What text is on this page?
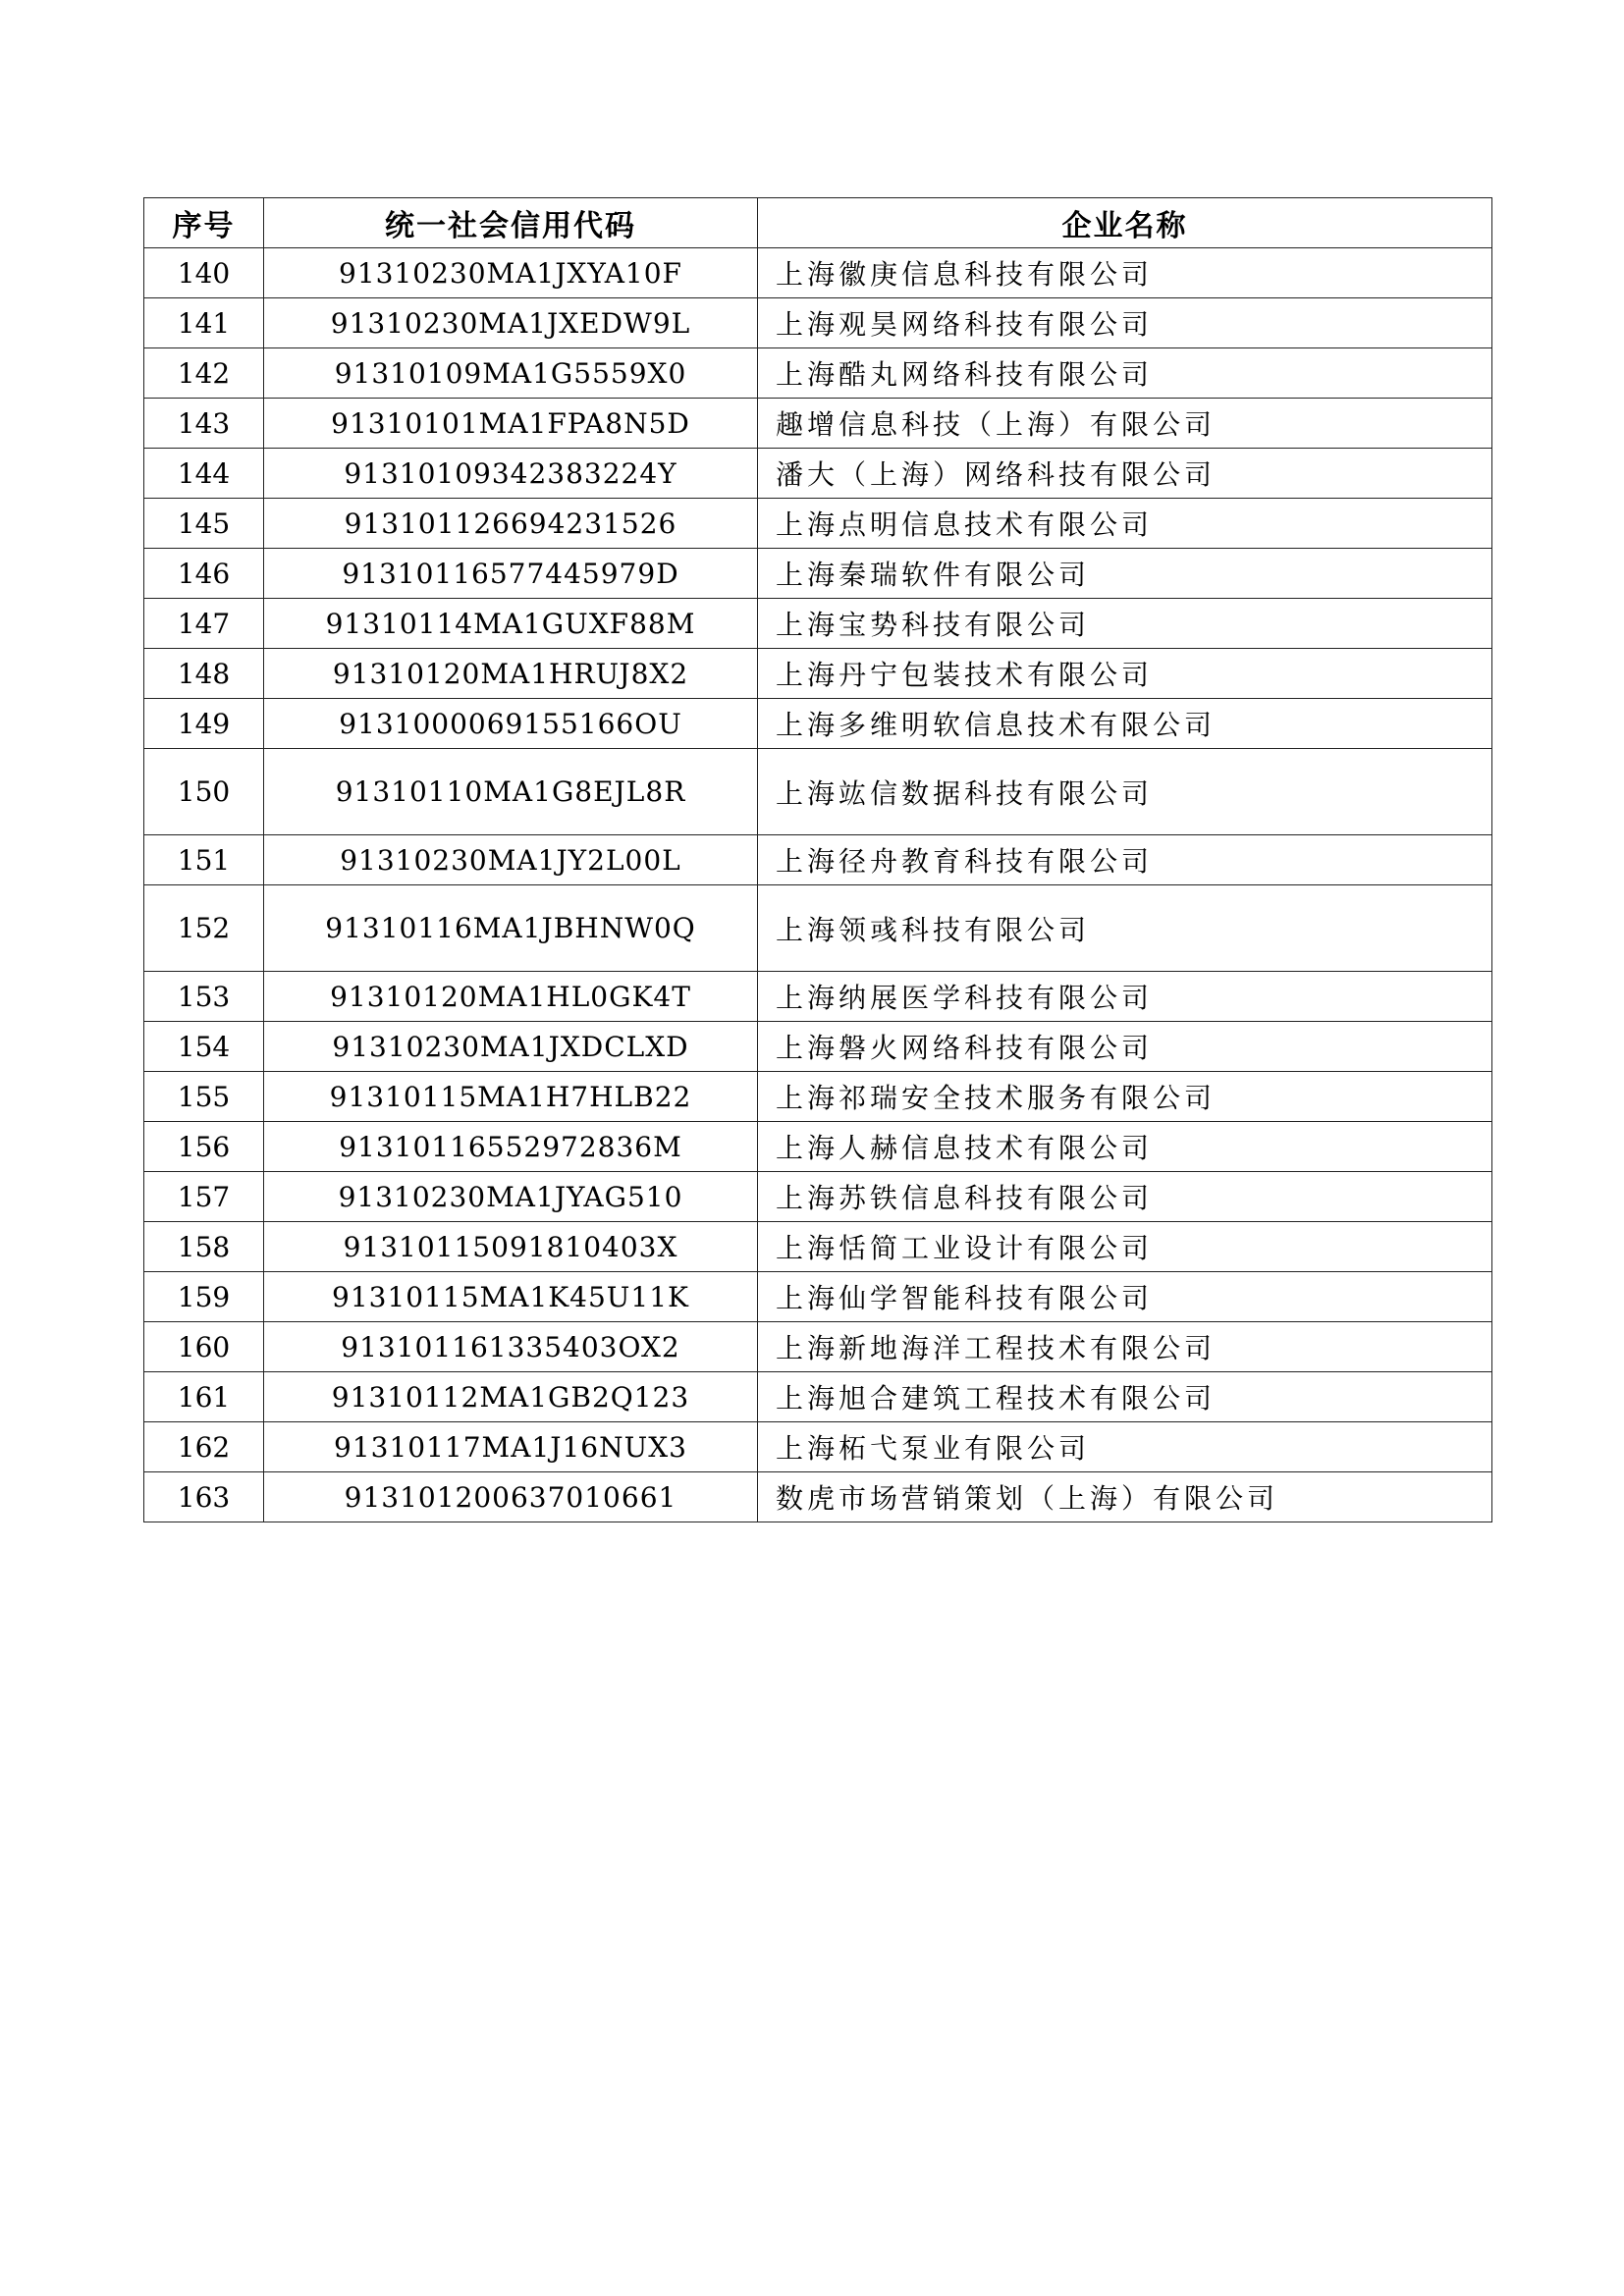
序号	统一社会信用代码	企业名称
140	91310230MA1JXYA10F	上海徽庚信息科技有限公司
141	91310230MA1JXEDW9L	上海观昊网络科技有限公司
142	91310109MA1G5559X0	上海酷丸网络科技有限公司
143	91310101MA1FPA8N5D	趣增信息科技（上海）有限公司
144	91310109342383224Y	潘大（上海）网络科技有限公司
145	913101126694231526	上海点明信息技术有限公司
146	91310116577445979D	上海秦瑞软件有限公司
147	91310114MA1GUXF88M	上海宝势科技有限公司
148	91310120MA1HRUJ8X2	上海丹宁包装技术有限公司
149	9131000069155166OU	上海多维明软信息技术有限公司
150	91310110MA1G8EJL8R	上海竑信数据科技有限公司
151	91310230MA1JY2L00L	上海径舟教育科技有限公司
152	91310116MA1JBHNW0Q	上海领彧科技有限公司
153	91310120MA1HL0GK4T	上海纳展医学科技有限公司
154	91310230MA1JXDCLXD	上海磐火网络科技有限公司
155	91310115MA1H7HLB22	上海祁瑞安全技术服务有限公司
156	91310116552972836M	上海人赫信息技术有限公司
157	91310230MA1JYAG510	上海苏铁信息科技有限公司
158	91310115091810403X	上海恬简工业设计有限公司
159	91310115MA1K45U11K	上海仙学智能科技有限公司
160	913101161335403OX2	上海新地海洋工程技术有限公司
161	91310112MA1GB2Q123	上海旭合建筑工程技术有限公司
162	91310117MA1J16NUX3	上海柘弋泵业有限公司
163	913101200637010661	数虎市场营销策划（上海）有限公司
